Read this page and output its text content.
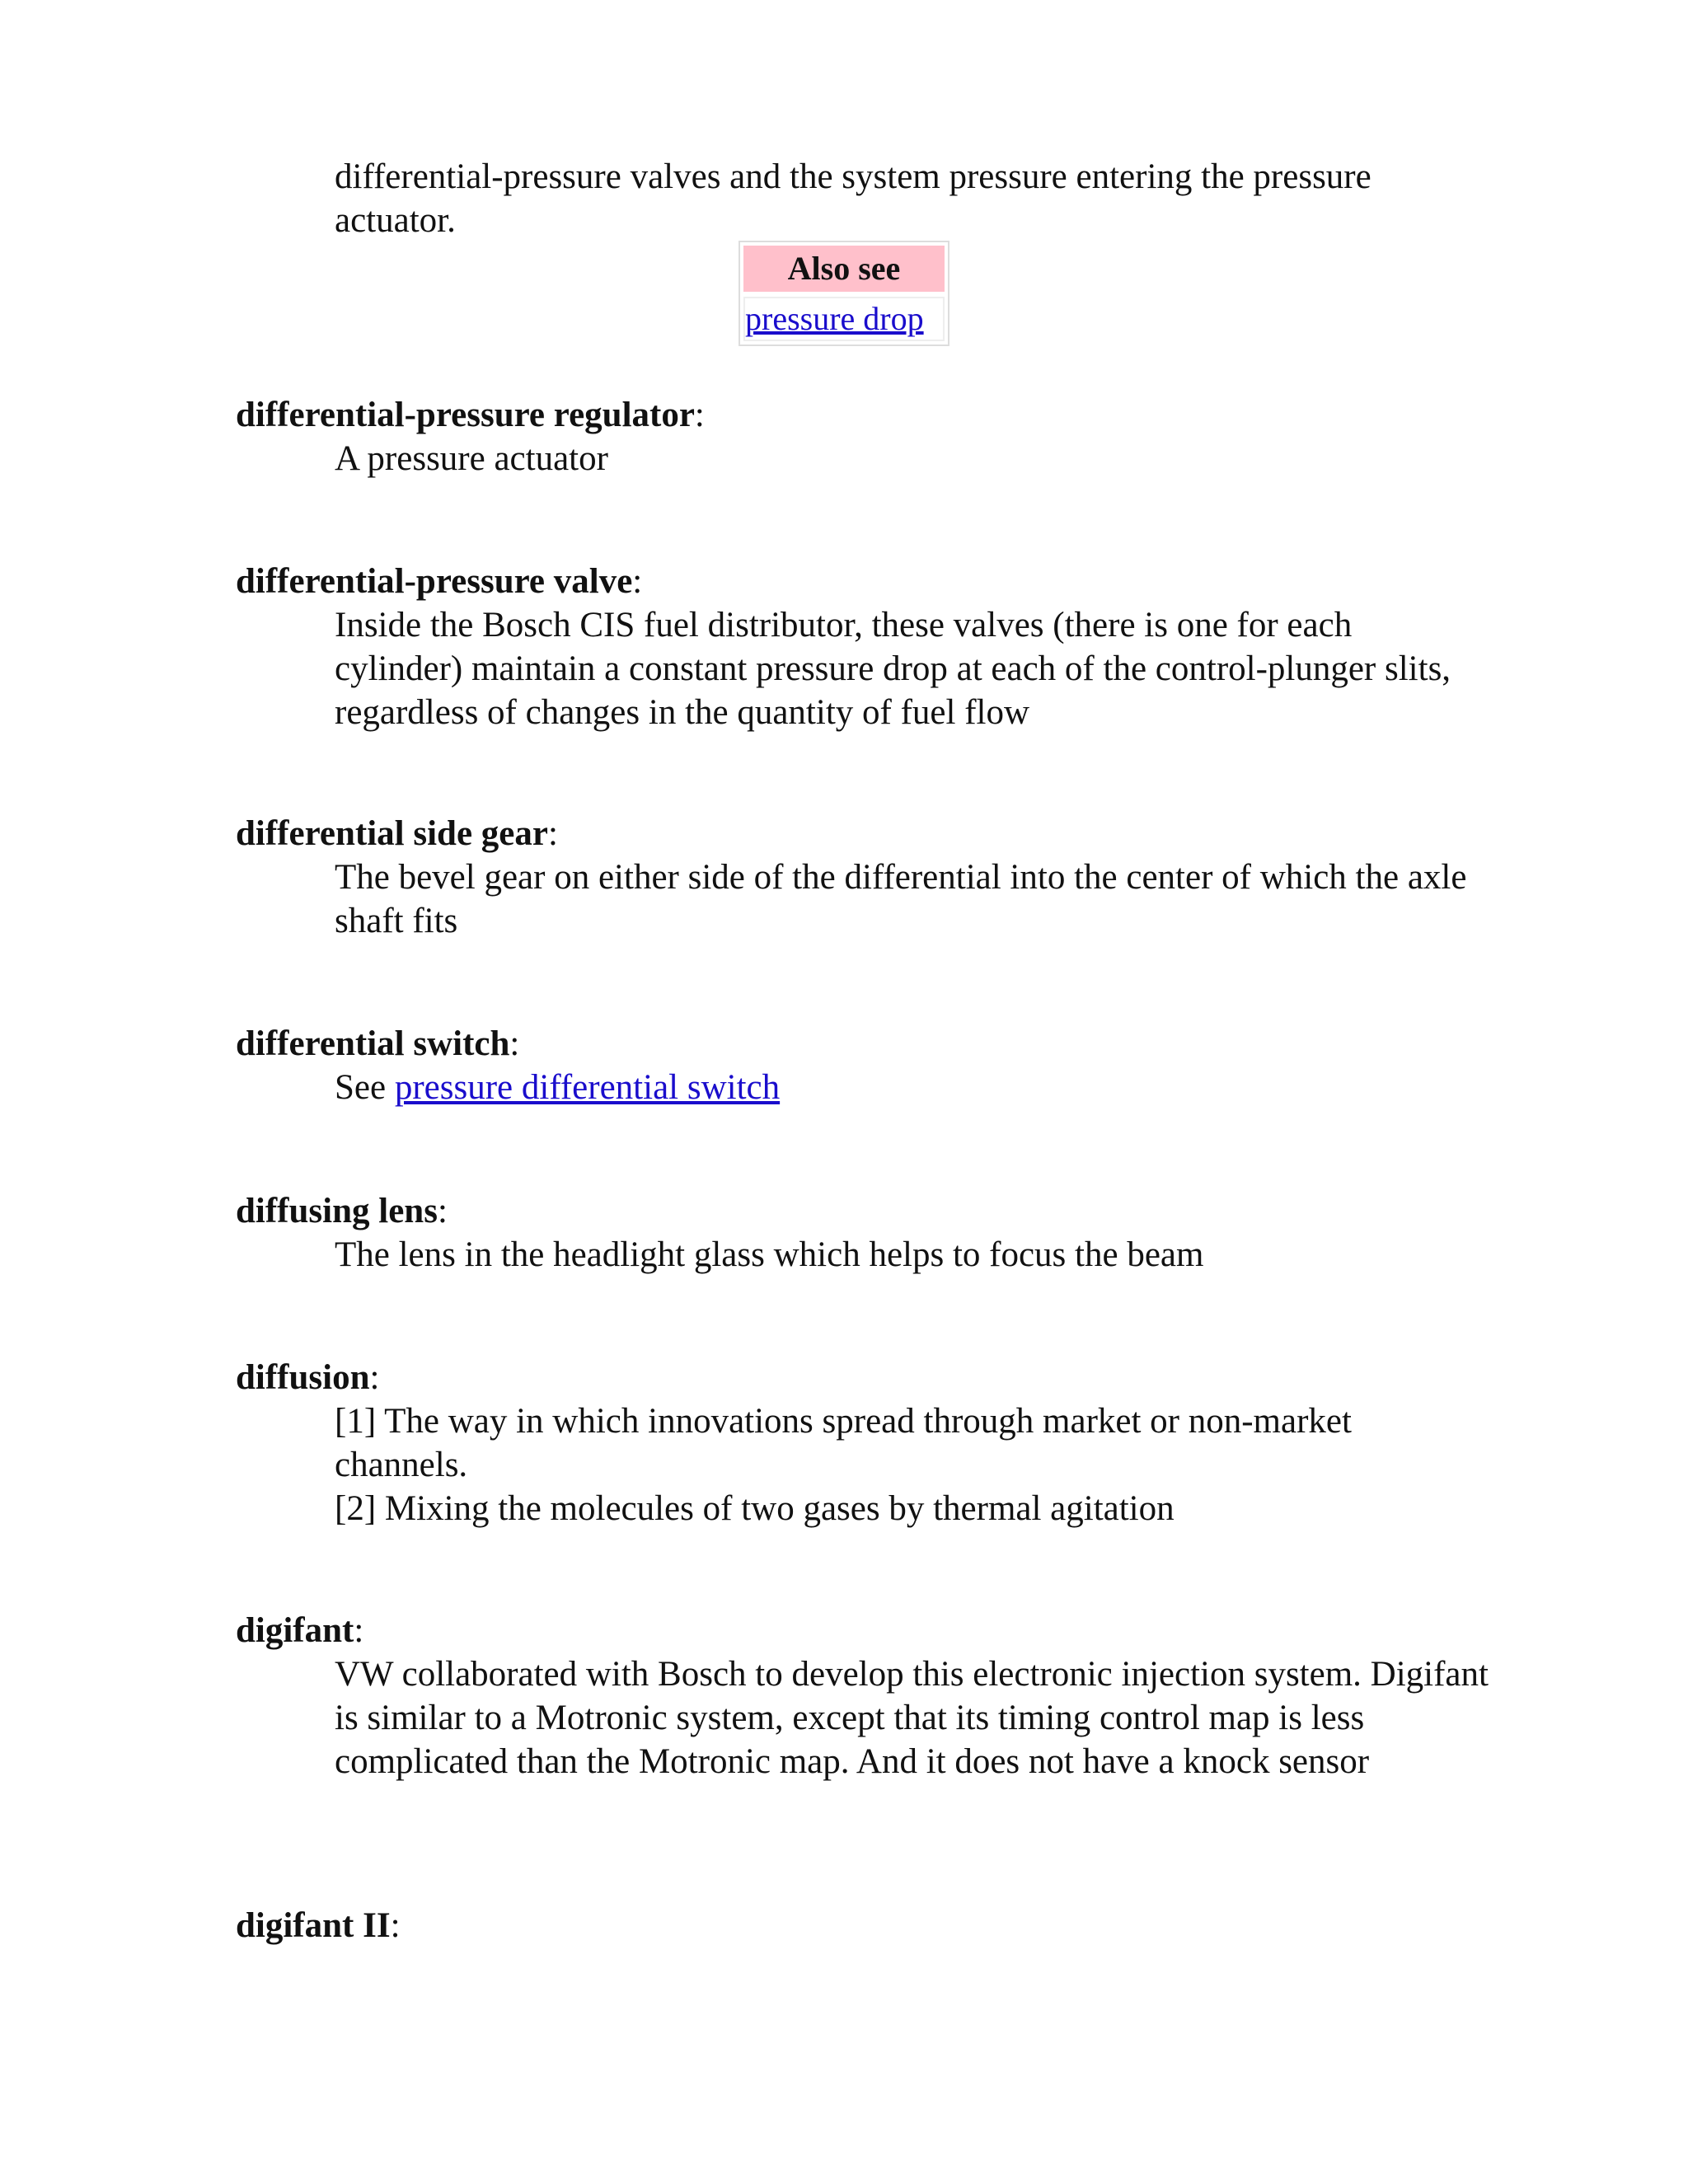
differential-pressure valves and the system pressure entering the pressure actuator.
Also see
pressure drop
differential-pressure regulator:
A pressure actuator
differential-pressure valve:
Inside the Bosch CIS fuel distributor, these valves (there is one for each cylinder) maintain a constant pressure drop at each of the control-plunger slits, regardless of changes in the quantity of fuel flow
differential side gear:
The bevel gear on either side of the differential into the center of which the axle shaft fits
differential switch:
See pressure differential switch
diffusing lens:
The lens in the headlight glass which helps to focus the beam
diffusion:
[1] The way in which innovations spread through market or non-market channels.
[2] Mixing the molecules of two gases by thermal agitation
digifant:
VW collaborated with Bosch to develop this electronic injection system. Digifant is similar to a Motronic system, except that its timing control map is less complicated than the Motronic map. And it does not have a knock sensor
digifant II:
